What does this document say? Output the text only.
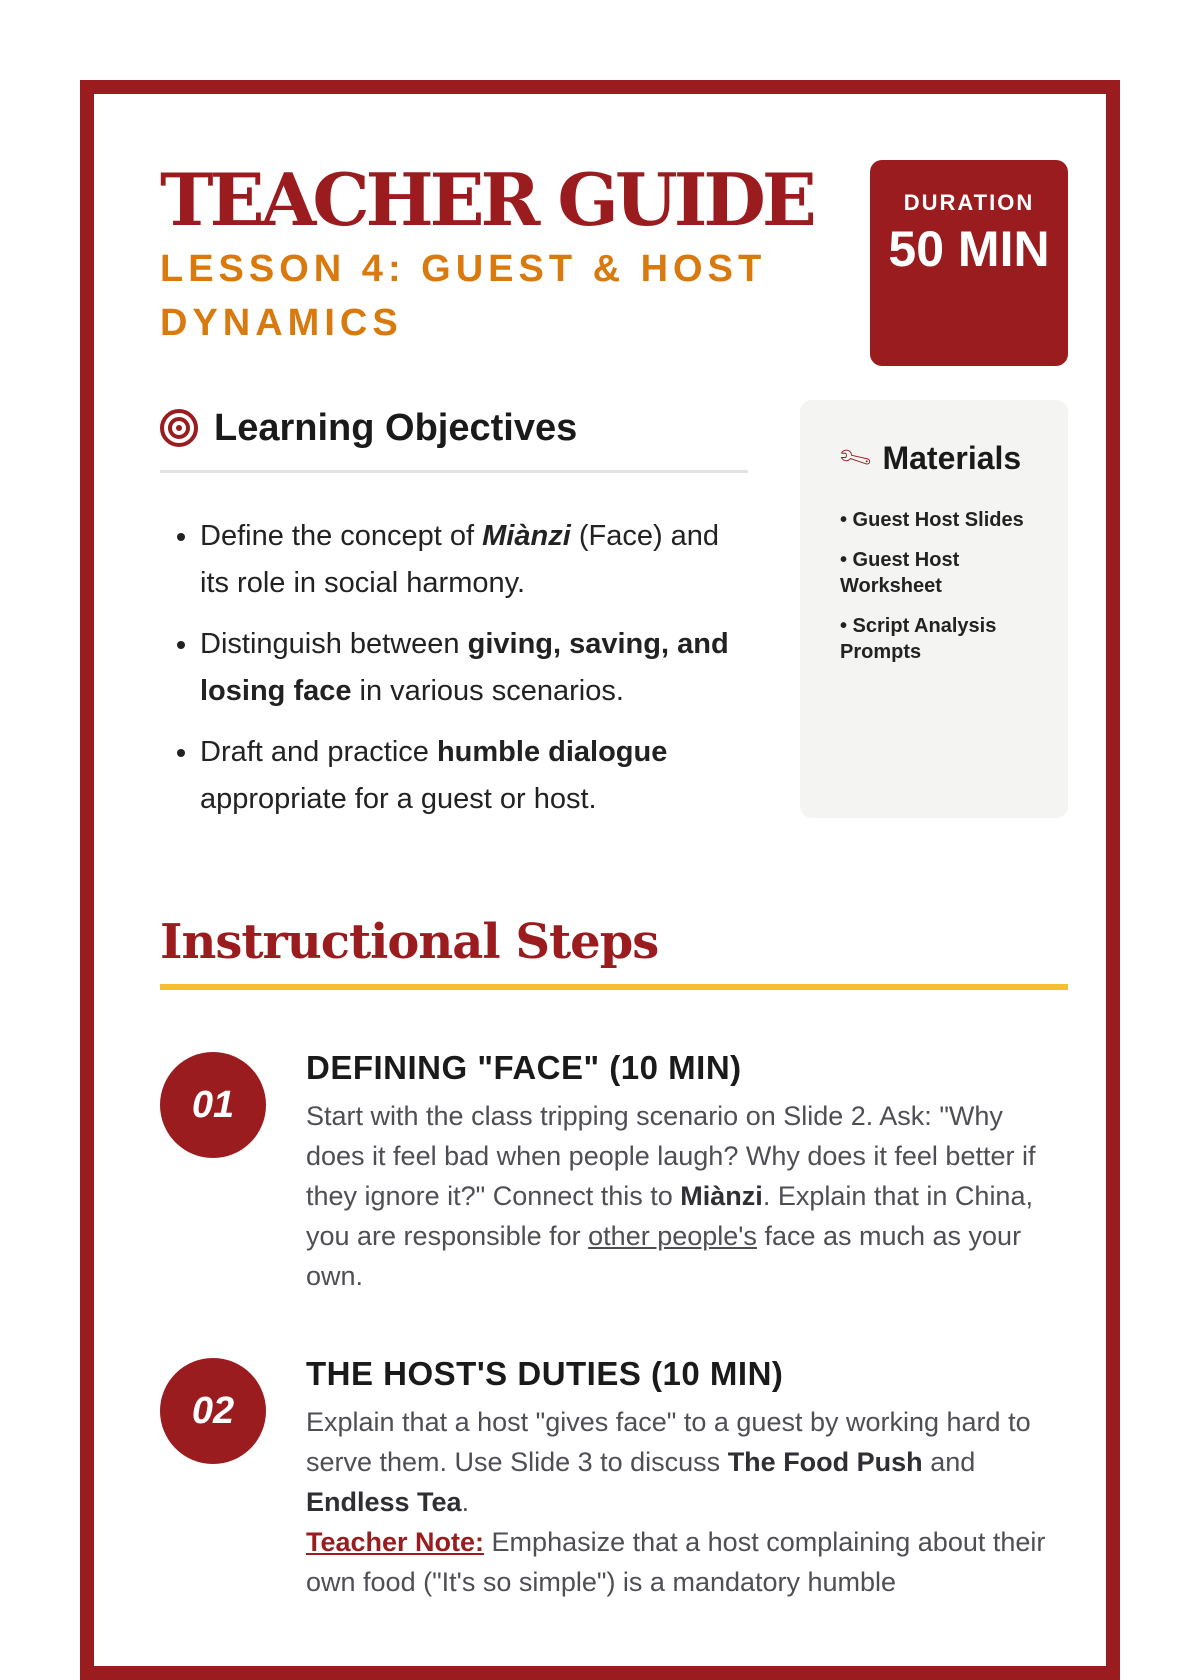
TEACHER GUIDE
LESSON 4: GUEST & HOST DYNAMICS
DURATION
50 MIN
Learning Objectives
• Define the concept of Miànzi (Face) and its role in social harmony.
• Distinguish between giving, saving, and losing face in various scenarios.
• Draft and practice humble dialogue appropriate for a guest or host.
🔧︎ Materials
• Guest Host Slides
• Guest Host Worksheet
• Script Analysis Prompts
Instructional Steps
01
DEFINING "FACE" (10 MIN)

Start with the class tripping scenario on Slide 2. Ask: "Why does it feel bad when people laugh? Why does it feel better if they ignore it?" Connect this to Miànzi. Explain that in China, you are responsible for other people's face as much as your own.

02
THE HOST'S DUTIES (10 MIN)

Explain that a host "gives face" to a guest by working hard to serve them. Use Slide 3 to discuss The Food Push and Endless Tea.
Teacher Note: Emphasize that a host complaining about their own food ("It's so simple") is a mandatory humble
